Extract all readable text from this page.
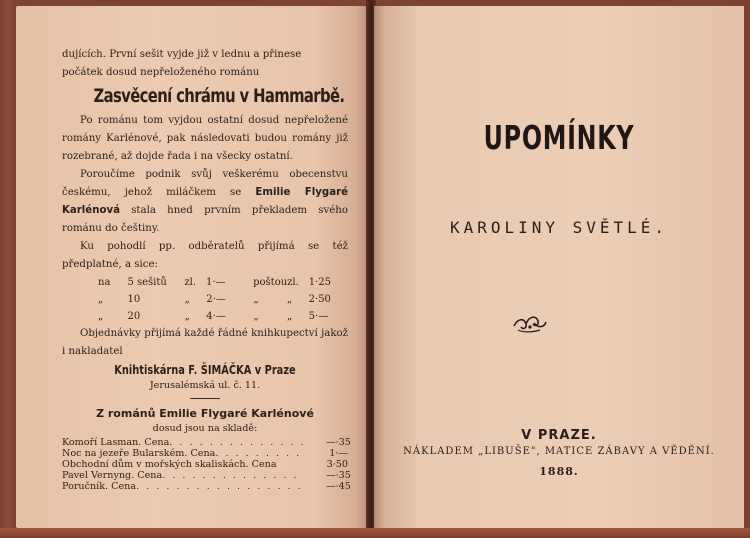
dujících. První sešit vyjde již v lednu a přinese

počátek dosud nepřeloženého románu

Zasvěcení chrámu v Hammarbě.

Po románu tom vyjdou ostatní dosud nepřeložené romány Karlénové, pak následovati budou romány již rozebrané, až dojde řada i na všecky ostatní.

Poroučíme podnik svůj veškerému obecenstvu českému, jehož miláčkem se Emilie Flygaré Karlénová stala hned prvním překladem svého románu do češtiny.

Ku pohodlí pp. odběratelů přijímá se též předplatné, a sice:

na	5 sešitů	zl. 1·—	poštou zl. 1·25
„	10	„	2·—	„	„	2·50
„	20	„	4·—	„	„	5·—

Objednávky přijímá každé řádné knihkupectví jakož i nakladatel

Knihtiskárna F. ŠIMÁČKA v Praze
Jerusalémská ul. č. 11.
Z románů Emilie Flygaré Karlénové
dosud jsou na skladě:
Komoří Lasman. Cena . . . . . . . . . . . . . .	—·35
Noc na jezeře Bularském. Cena . . . . . . . . .	1·—
Obchodní dům v mořských skaliskách. Cena	3·50
Pavel Vernyng. Cena . . . . . . . . . . . . . .	—·35
Poručník. Cena . . . . . . . . . . . . . . . . .	—·45
UPOMÍNKY
KAROLINY SVĚTLÉ.
V PRAZE.
NÁKLADEM „LIBUŠE", MATICE ZÁBAVY A VĚDĚNÍ.
1888.
